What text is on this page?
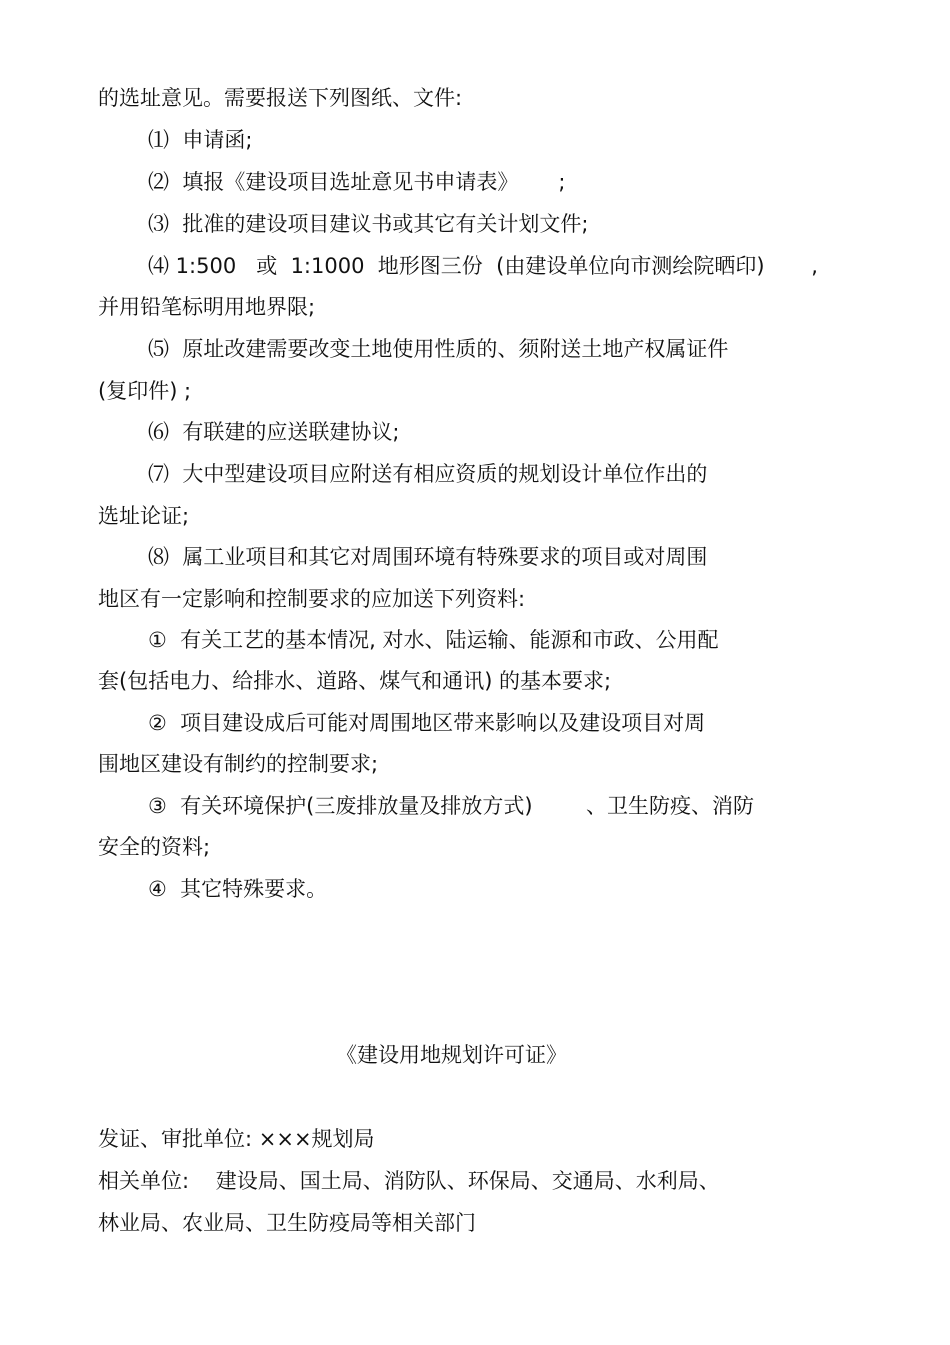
的选址意见。需要报送下列图纸、文件:
⑴  申请函;
⑵  填报《建设项目选址意见书申请表》      ;
⑶  批准的建设项目建议书或其它有关计划文件;
⑷ 1:500   或  1:1000  地形图三份  (由建设单位向市测绘院晒印)       ,
并用铅笔标明用地界限;
⑸  原址改建需要改变土地使用性质的、须附送土地产权属证件
(复印件) ;
⑹  有联建的应送联建协议;
⑺  大中型建设项目应附送有相应资质的规划设计单位作出的
选址论证;
⑻  属工业项目和其它对周围环境有特殊要求的项目或对周围
地区有一定影响和控制要求的应加送下列资料:
①  有关工艺的基本情况, 对水、陆运输、能源和市政、公用配
套(包括电力、给排水、道路、煤气和通讯) 的基本要求;
②  项目建设成后可能对周围地区带来影响以及建设项目对周
围地区建设有制约的控制要求;
③  有关环境保护(三废排放量及排放方式)        、卫生防疫、消防
安全的资料;
④  其它特殊要求。
《建设用地规划许可证》
发证、审批单位: ×××规划局
相关单位:    建设局、国土局、消防队、环保局、交通局、水利局、
林业局、农业局、卫生防疫局等相关部门
